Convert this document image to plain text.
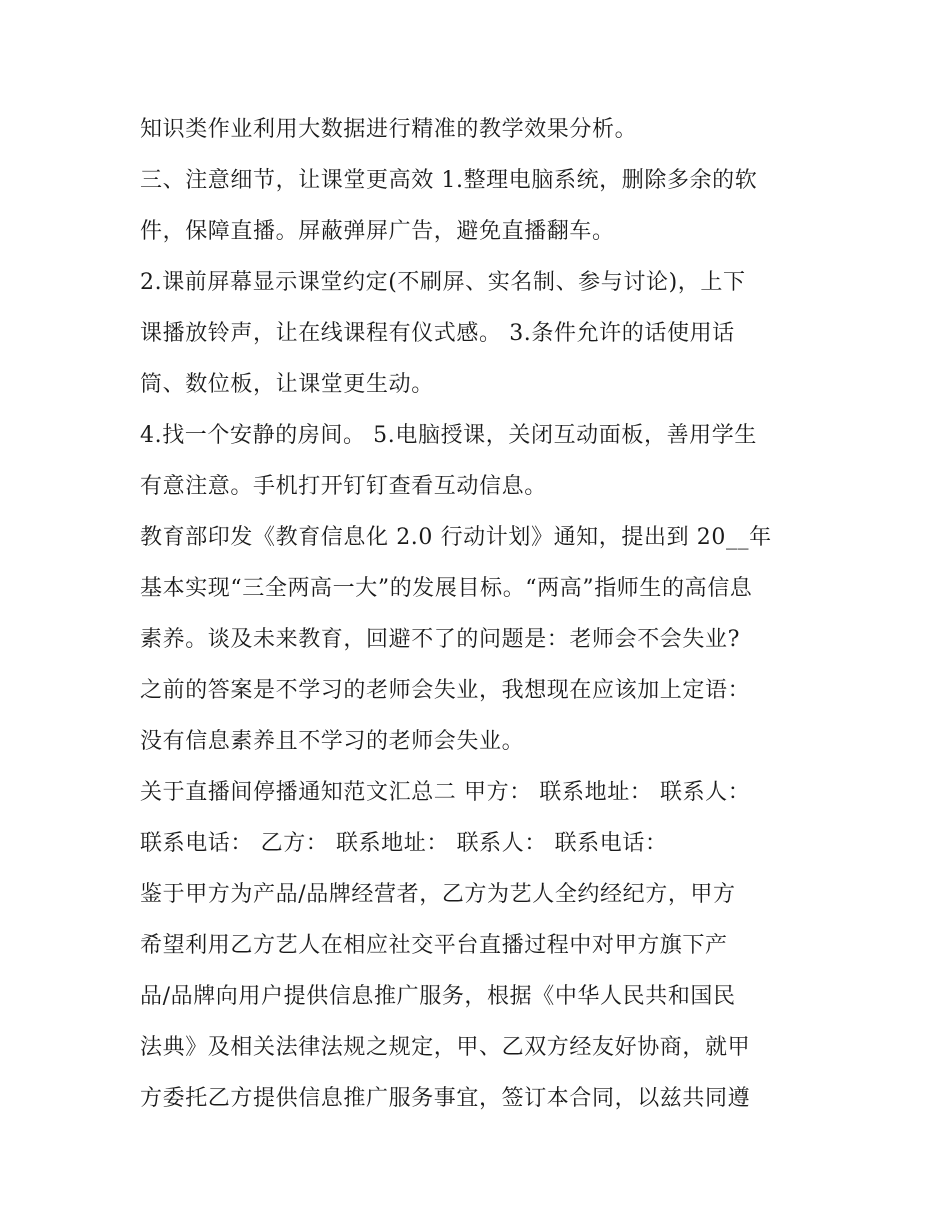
知识类作业利用大数据进行精准的教学效果分析。
三、注意细节，让课堂更高效 1.整理电脑系统，删除多余的软
件，保障直播。屏蔽弹屏广告，避免直播翻车。
2.课前屏幕显示课堂约定(不刷屏、实名制、参与讨论)，上下
课播放铃声，让在线课程有仪式感。 3.条件允许的话使用话
筒、数位板，让课堂更生动。
4.找一个安静的房间。 5.电脑授课，关闭互动面板，善用学生
有意注意。手机打开钉钉查看互动信息。
教育部印发《教育信息化 2.0 行动计划》通知，提出到 20__年
基本实现“三全两高一大”的发展目标。“两高”指师生的高信息
素养。谈及未来教育，回避不了的问题是：老师会不会失业?
之前的答案是不学习的老师会失业，我想现在应该加上定语：
没有信息素养且不学习的老师会失业。
关于直播间停播通知范文汇总二 甲方： 联系地址： 联系人：
联系电话： 乙方： 联系地址： 联系人： 联系电话：
鉴于甲方为产品/品牌经营者，乙方为艺人全约经纪方，甲方
希望利用乙方艺人在相应社交平台直播过程中对甲方旗下产
品/品牌向用户提供信息推广服务，根据《中华人民共和国民
法典》及相关法律法规之规定，甲、乙双方经友好协商，就甲
方委托乙方提供信息推广服务事宜，签订本合同，以兹共同遵
